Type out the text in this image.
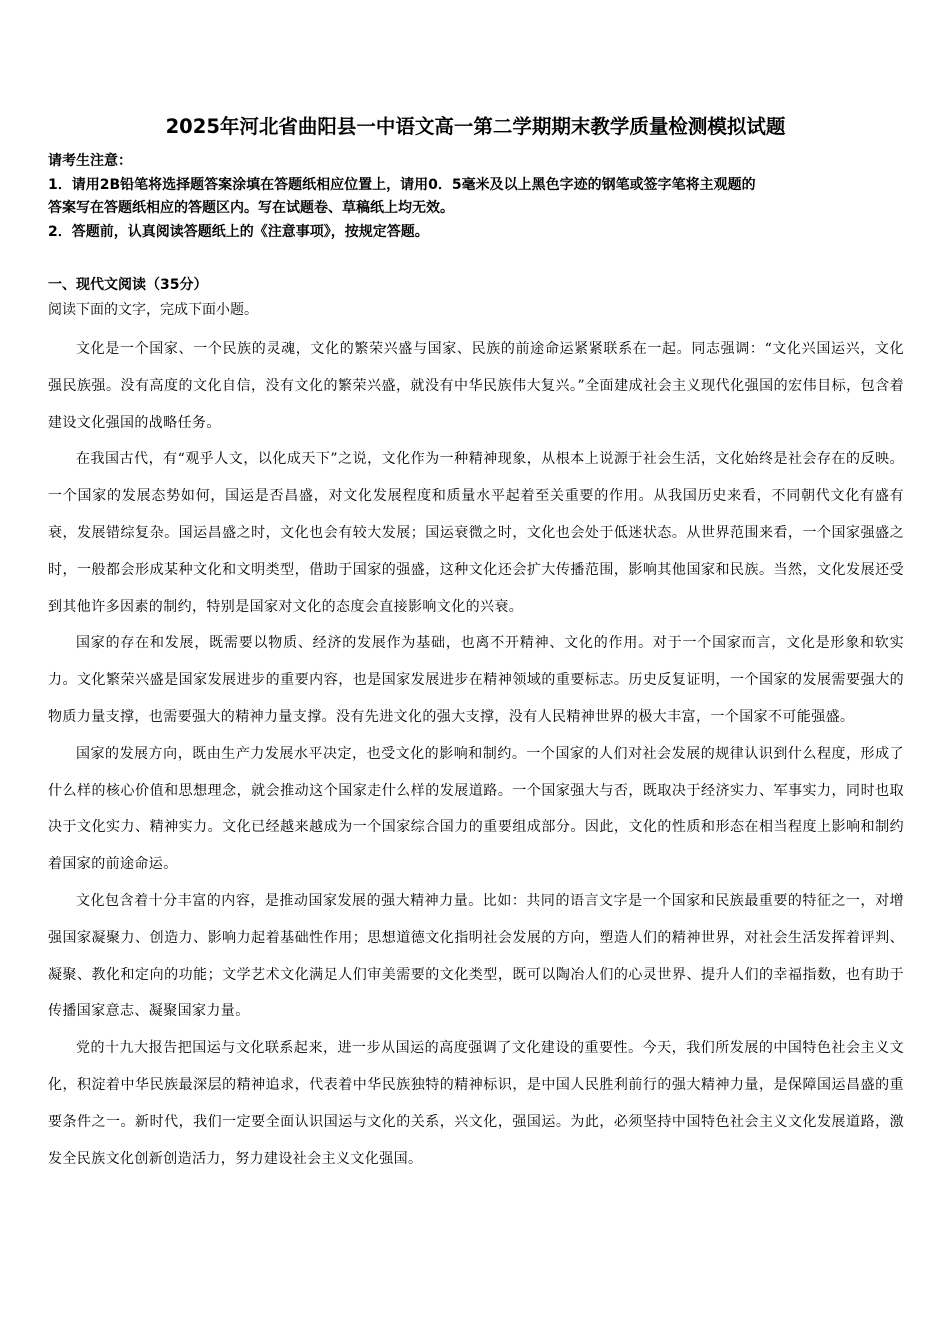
2025年河北省曲阳县一中语文高一第二学期期末教学质量检测模拟试题
请考生注意：
1．请用2B铅笔将选择题答案涂填在答题纸相应位置上，请用0．5毫米及以上黑色字迹的钢笔或签字笔将主观题的
答案写在答题纸相应的答题区内。写在试题卷、草稿纸上均无效。
2．答题前，认真阅读答题纸上的《注意事项》，按规定答题。
一、现代文阅读（35分）
阅读下面的文字，完成下面小题。

文化是一个国家、一个民族的灵魂，文化的繁荣兴盛与国家、民族的前途命运紧紧联系在一起。同志强调：“文化兴国运兴，文化强民族强。没有高度的文化自信，没有文化的繁荣兴盛，就没有中华民族伟大复兴。”全面建成社会主义现代化强国的宏伟目标，包含着建设文化强国的战略任务。

在我国古代，有“观乎人文，以化成天下”之说，文化作为一种精神现象，从根本上说源于社会生活，文化始终是社会存在的反映。一个国家的发展态势如何，国运是否昌盛，对文化发展程度和质量水平起着至关重要的作用。从我国历史来看，不同朝代文化有盛有衰，发展错综复杂。国运昌盛之时，文化也会有较大发展；国运衰微之时，文化也会处于低迷状态。从世界范围来看，一个国家强盛之时，一般都会形成某种文化和文明类型，借助于国家的强盛，这种文化还会扩大传播范围，影响其他国家和民族。当然，文化发展还受到其他许多因素的制约，特别是国家对文化的态度会直接影响文化的兴衰。

国家的存在和发展，既需要以物质、经济的发展作为基础，也离不开精神、文化的作用。对于一个国家而言，文化是形象和软实力。文化繁荣兴盛是国家发展进步的重要内容，也是国家发展进步在精神领域的重要标志。历史反复证明，一个国家的发展需要强大的物质力量支撑，也需要强大的精神力量支撑。没有先进文化的强大支撑，没有人民精神世界的极大丰富，一个国家不可能强盛。

国家的发展方向，既由生产力发展水平决定，也受文化的影响和制约。一个国家的人们对社会发展的规律认识到什么程度，形成了什么样的核心价值和思想理念，就会推动这个国家走什么样的发展道路。一个国家强大与否，既取决于经济实力、军事实力，同时也取决于文化实力、精神实力。文化已经越来越成为一个国家综合国力的重要组成部分。因此，文化的性质和形态在相当程度上影响和制约着国家的前途命运。

文化包含着十分丰富的内容，是推动国家发展的强大精神力量。比如：共同的语言文字是一个国家和民族最重要的特征之一，对增强国家凝聚力、创造力、影响力起着基础性作用；思想道德文化指明社会发展的方向，塑造人们的精神世界，对社会生活发挥着评判、凝聚、教化和定向的功能；文学艺术文化满足人们审美需要的文化类型，既可以陶冶人们的心灵世界、提升人们的幸福指数，也有助于传播国家意志、凝聚国家力量。

党的十九大报告把国运与文化联系起来，进一步从国运的高度强调了文化建设的重要性。今天，我们所发展的中国特色社会主义文化，积淀着中华民族最深层的精神追求，代表着中华民族独特的精神标识，是中国人民胜利前行的强大精神力量，是保障国运昌盛的重要条件之一。新时代，我们一定要全面认识国运与文化的关系，兴文化，强国运。为此，必须坚持中国特色社会主义文化发展道路，激发全民族文化创新创造活力，努力建设社会主义文化强国。
